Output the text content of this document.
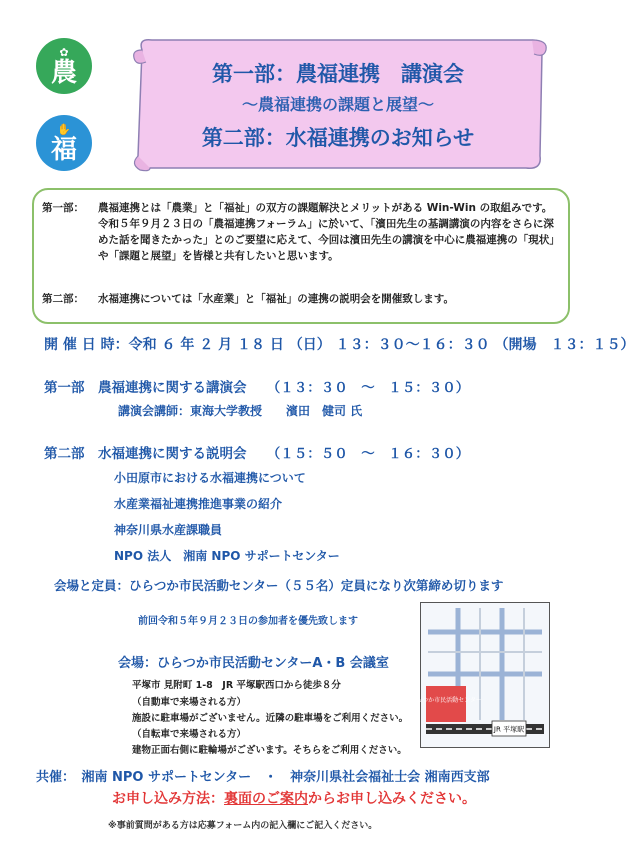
✿
農
✋
福
第一部：農福連携　講演会
～農福連携の課題と展望～
第二部：水福連携のお知らせ
第一部： 農福連携とは「農業」と「福祉」の双方の課題解決とメリットがある Win-Win の取組みです。令和５年９月２３日の「農福連携フォーラム」に於いて、「濱田先生の基調講演の内容をさらに深めた話を聞きたかった」とのご要望に応えて、今回は濱田先生の講演を中心に農福連携の「現状」や「課題と展望」を皆様と共有したいと思います。
第二部： 水福連携については「水産業」と「福祉」の連携の説明会を開催致します。
開 催 日 時：令和 ６ 年 ２ 月 １８ 日 （日） １３：３０～１６：３０ （開場　１３：１５）
第一部　農福連携に関する講演会　　（１３：３０　～　１５：３０）
講演会講師：東海大学教授　　濱田　健司 氏
第二部　水福連携に関する説明会　　（１５：５０　～　１６：３０）
小田原市における水福連携について
水産業福祉連携推進事業の紹介
神奈川県水産課職員
NPO 法人　湘南 NPO サポートセンター
会場と定員：ひらつか市民活動センター（５５名）定員になり次第締め切ります
前回令和５年９月２３日の参加者を優先致します
会場：ひらつか市民活動センターA・B 会議室
平塚市 見附町 1-8　JR 平塚駅西口から徒歩８分
（自動車で来場される方）
施設に駐車場がございません。近隣の駐車場をご利用ください。
（自転車で来場される方）
建物正面右側に駐輪場がございます。そちらをご利用ください。
ひらつか市民活動センター
JR 平塚駅
共催：　湘南 NPO サポートセンター　・　神奈川県社会福祉士会 湘南西支部
お申し込み方法：裏面のご案内からお申し込みください。
※事前質問がある方は応募フォーム内の記入欄にご記入ください。
